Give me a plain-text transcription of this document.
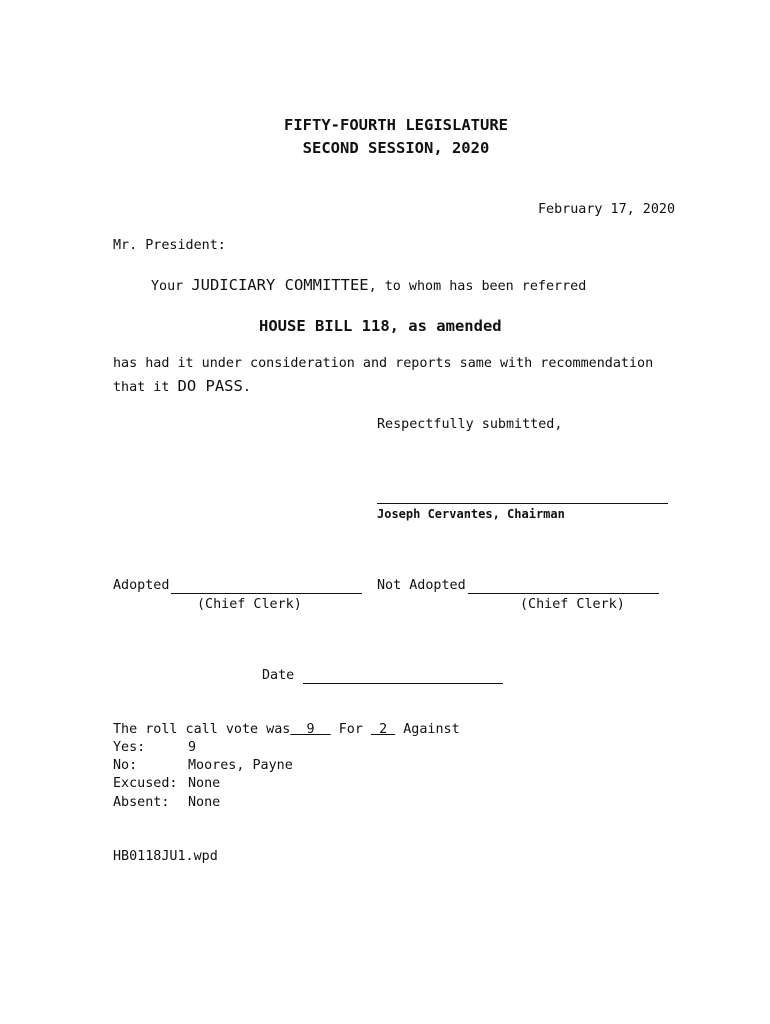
FIFTY-FOURTH LEGISLATURE
SECOND SESSION, 2020
February 17, 2020
Mr. President:
Your JUDICIARY COMMITTEE, to whom has been referred
HOUSE BILL 118, as amended
has had it under consideration and reports same with recommendation
that it DO PASS.
Respectfully submitted,
Joseph Cervantes, Chairman
Adopted
(Chief Clerk)
Not Adopted
(Chief Clerk)
Date
The roll call vote was 9 For 2 Against
Yes:	9
No:	Moores, Payne
Excused: None
Absent: None
HB0118JU1.wpd
